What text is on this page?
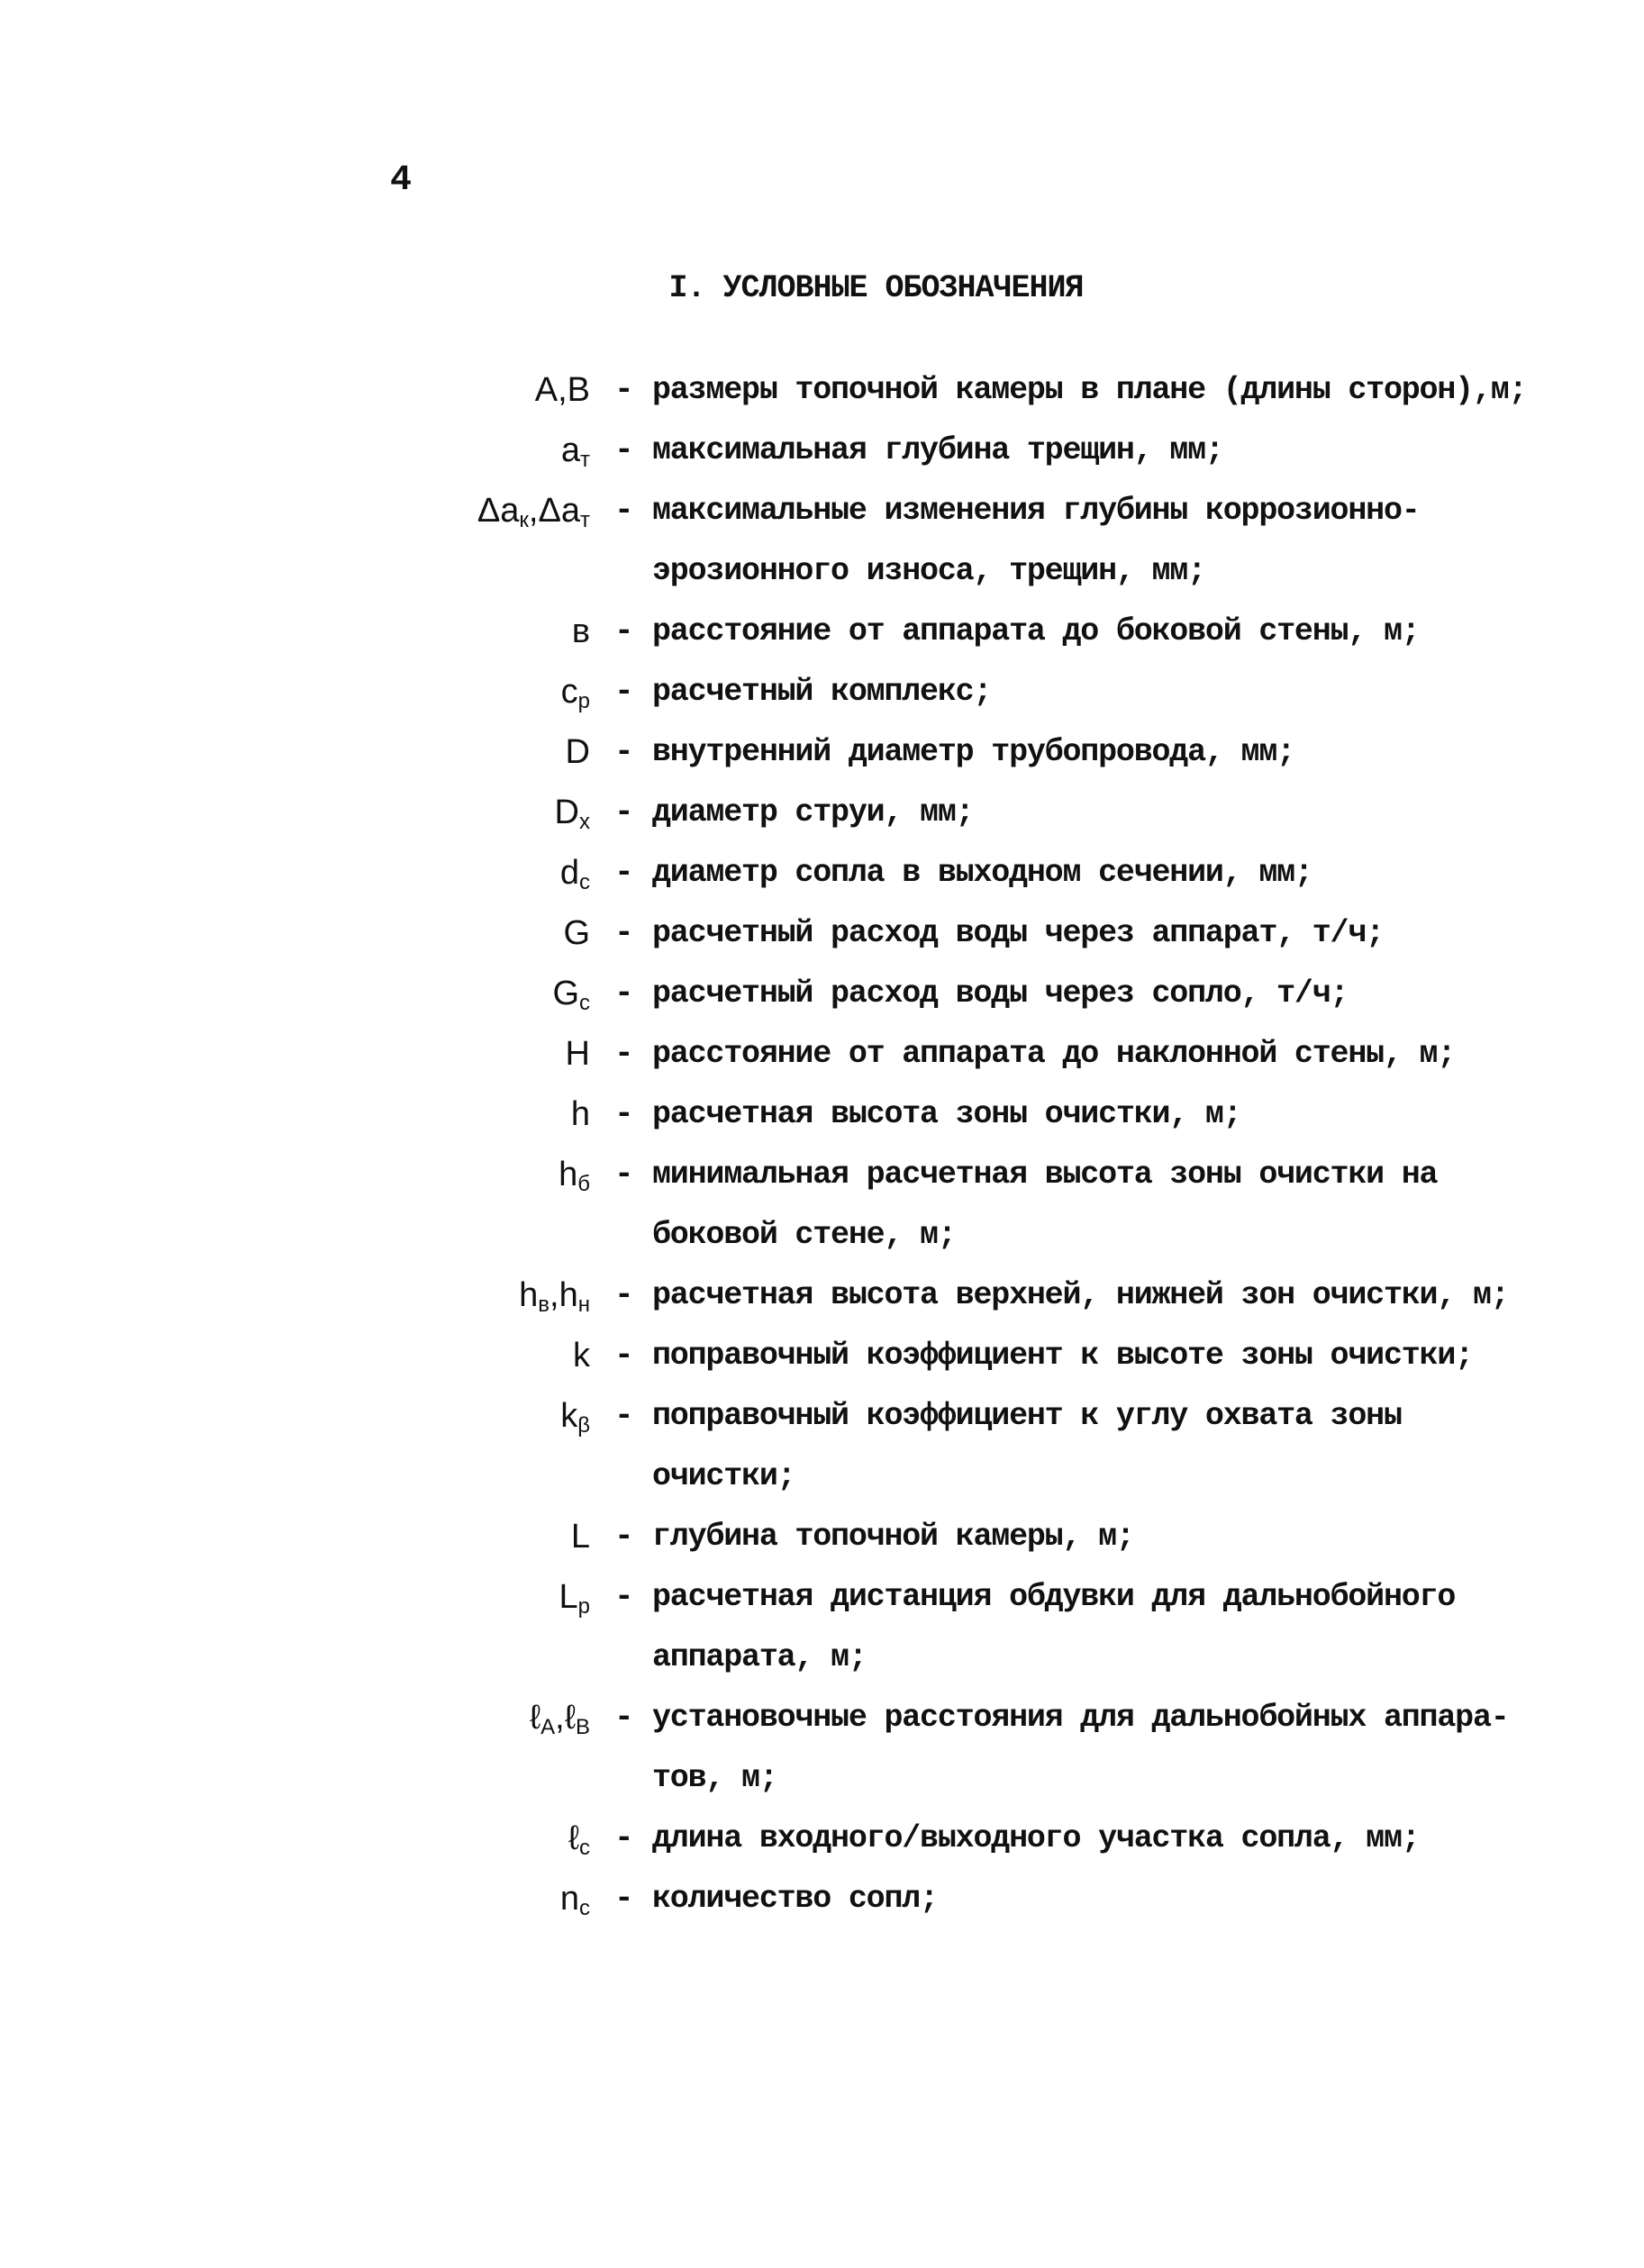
4
I. УСЛОВНЫЕ ОБОЗНАЧЕНИЯ
A,B - размеры топочной камеры в плане (длины сторон),м;
$a_т$ - максимальная глубина трещин, мм;
$\Delta a_к,\Delta a_т$ - максимальные изменения глубины коррозионно-
эрозионного износа, трещин, мм;
в - расстояние от аппарата до боковой стены, м;
$c_р$ - расчетный комплекс;
D - внутренний диаметр трубопровода, мм;
$D_х$ - диаметр струи, мм;
$d_c$ - диаметр сопла в выходном сечении, мм;
G - расчетный расход воды через аппарат, т/ч;
$G_c$ - расчетный расход воды через сопло, т/ч;
H - расстояние от аппарата до наклонной стены, м;
h - расчетная высота зоны очистки, м;
$h_б$ - минимальная расчетная высота зоны очистки на
боковой стене, м;
$h_в,h_н$ - расчетная высота верхней, нижней зон очистки, м;
k - поправочный коэффициент к высоте зоны очистки;
$k_\beta$ - поправочный коэффициент к углу охвата зоны
очистки;
L - глубина топочной камеры, м;
$L_р$ - расчетная дистанция обдувки для дальнобойного
аппарата, м;
ℓ$_A$,ℓ$_B$ - установочные расстояния для дальнобойных аппара-
тов, м;
ℓ$_c$ - длина входного/выходного участка сопла, мм;
$n_c$ - количество сопл;
